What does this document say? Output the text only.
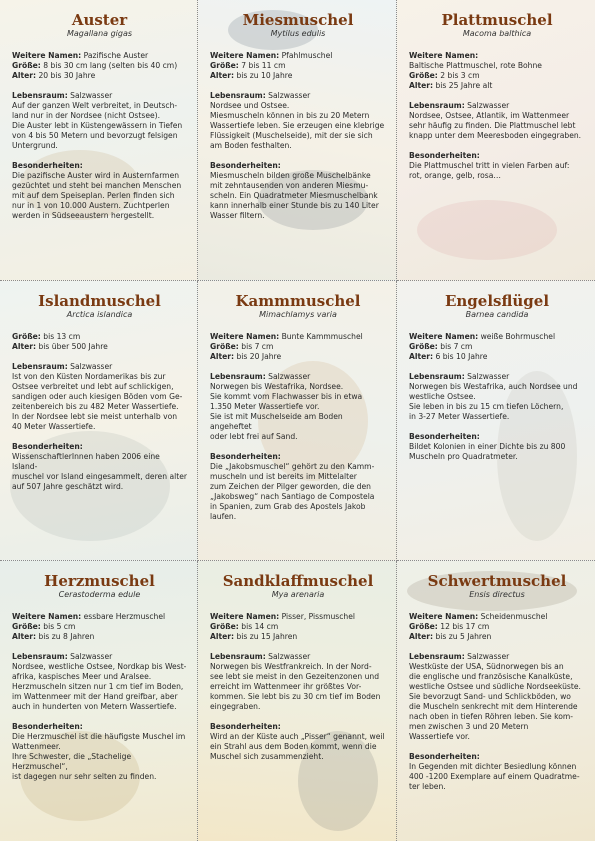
Auster

Magallana gigas

Weitere Namen: Pazifische Auster

Größe: 8 bis 30 cm lang (selten bis 40 cm)

Alter: 20 bis 30 Jahre

Lebensraum: Salzwasser

Auf der ganzen Welt verbreitet, in Deutsch-

land nur in der Nordsee (nicht Ostsee).

Die Auster lebt in Küstengewässern in Tiefen

von 4 bis 50 Metern und bevorzugt felsigen

Untergrund.

Besonderheiten:

Die pazifische Auster wird in Austernfarmen

gezüchtet und steht bei manchen Menschen

mit auf dem Speiseplan. Perlen finden sich

nur in 1 von 10.000 Austern. Zuchtperlen

werden in Südseeaustern hergestellt.

Miesmuschel

Mytilus edulis

Weitere Namen: Pfahlmuschel

Größe: 7 bis 11 cm

Alter: bis zu 10 Jahre

Lebensraum: Salzwasser

Nordsee und Ostsee.

Miesmuscheln können in bis zu 20 Metern

Wassertiefe leben. Sie erzeugen eine klebrige

Flüssigkeit (Muschelseide), mit der sie sich

am Boden festhalten.

Besonderheiten:

Miesmuscheln bilden große Muschelbänke

mit zehntausenden von anderen Miesmu-

scheln. Ein Quadratmeter Miesmuschelbank

kann innerhalb einer Stunde bis zu 140 Liter

Wasser filtern.

Plattmuschel

Macoma balthica

Weitere Namen:

Baltische Plattmuschel, rote Bohne

Größe: 2 bis 3 cm

Alter: bis 25 Jahre alt

Lebensraum: Salzwasser

Nordsee, Ostsee, Atlantik, im Wattenmeer

sehr häufig zu finden. Die Plattmuschel lebt

knapp unter dem Meeresboden eingegraben.

Besonderheiten:

Die Plattmuschel tritt in vielen Farben auf:

rot, orange, gelb, rosa…

Islandmuschel

Arctica islandica

Größe: bis 13 cm

Alter: bis über 500 Jahre

Lebensraum: Salzwasser

Ist von den Küsten Nordamerikas bis zur

Ostsee verbreitet und lebt auf schlickigen,

sandigen oder auch kiesigen Böden vom Ge-

zeitenbereich bis zu 482 Meter Wassertiefe.

In der Nordsee lebt sie meist unterhalb von

40 Meter Wassertiefe.

Besonderheiten:

WissenschaftlerInnen haben 2006 eine Island-

muschel vor Island eingesammelt, deren alter

auf 507 Jahre geschätzt wird.

Kammmuschel

Mimachlamys varia

Weitere Namen: Bunte Kammmuschel

Größe: bis 7 cm

Alter: bis 20 Jahre

Lebensraum: Salzwasser

Norwegen bis Westafrika, Nordsee.

Sie kommt vom Flachwasser bis in etwa

1.350 Meter Wassertiefe vor.

Sie ist mit Muschelseide am Boden angeheftet

oder lebt frei auf Sand.

Besonderheiten:

Die „Jakobsmuschel“ gehört zu den Kamm-

muscheln und ist bereits im Mittelalter

zum Zeichen der Pilger geworden, die den

„Jakobsweg“ nach Santiago de Compostela

in Spanien, zum Grab des Apostels Jakob

laufen.

Engelsflügel

Barnea candida

Weitere Namen: weiße Bohrmuschel

Größe: bis 7 cm

Alter: 6 bis 10 Jahre

Lebensraum: Salzwasser

Norwegen bis Westafrika, auch Nordsee und

westliche Ostsee.

Sie leben in bis zu 15 cm tiefen Löchern,

in 3-27 Meter Wassertiefe.

Besonderheiten:

Bildet Kolonien in einer Dichte bis zu 800

Muscheln pro Quadratmeter.

Herzmuschel

Cerastoderma edule

Weitere Namen: essbare Herzmuschel

Größe: bis 5 cm

Alter: bis zu 8 Jahren

Lebensraum: Salzwasser

Nordsee, westliche Ostsee, Nordkap bis West-

afrika, kaspisches Meer und Aralsee.

Herzmuscheln sitzen nur 1 cm tief im Boden,

im Wattenmeer mit der Hand greifbar, aber

auch in hunderten von Metern Wassertiefe.

Besonderheiten:

Die Herzmuschel ist die häufigste Muschel im

Wattenmeer.

Ihre Schwester, die „Stachelige Herzmuschel“,

ist dagegen nur sehr selten zu finden.

Sandklaffmuschel

Mya arenaria

Weitere Namen: Pisser, Pissmuschel

Größe: bis 14 cm

Alter: bis zu 15 Jahren

Lebensraum: Salzwasser

Norwegen bis Westfrankreich. In der Nord-

see lebt sie meist in den Gezeitenzonen und

erreicht im Wattenmeer ihr größtes Vor-

kommen. Sie lebt bis zu 30 cm tief im Boden

eingegraben.

Besonderheiten:

Wird an der Küste auch „Pisser“ genannt, weil

ein Strahl aus dem Boden kommt, wenn die

Muschel sich zusammenzieht.

Schwertmuschel

Ensis directus

Weitere Namen: Scheidenmuschel

Größe: 12 bis 17 cm

Alter: bis zu 5 Jahren

Lebensraum: Salzwasser

Westküste der USA, Südnorwegen bis an

die englische und französische Kanalküste,

westliche Ostsee und südliche Nordseeküste.

Sie bevorzugt Sand- und Schlickböden, wo

die Muscheln senkrecht mit dem Hinterende

nach oben in tiefen Röhren leben. Sie kom-

men zwischen 3 und 20 Metern

Wassertiefe vor.

Besonderheiten:

In Gegenden mit dichter Besiedlung können

400 -1200 Exemplare auf einem Quadratme-

ter leben.
